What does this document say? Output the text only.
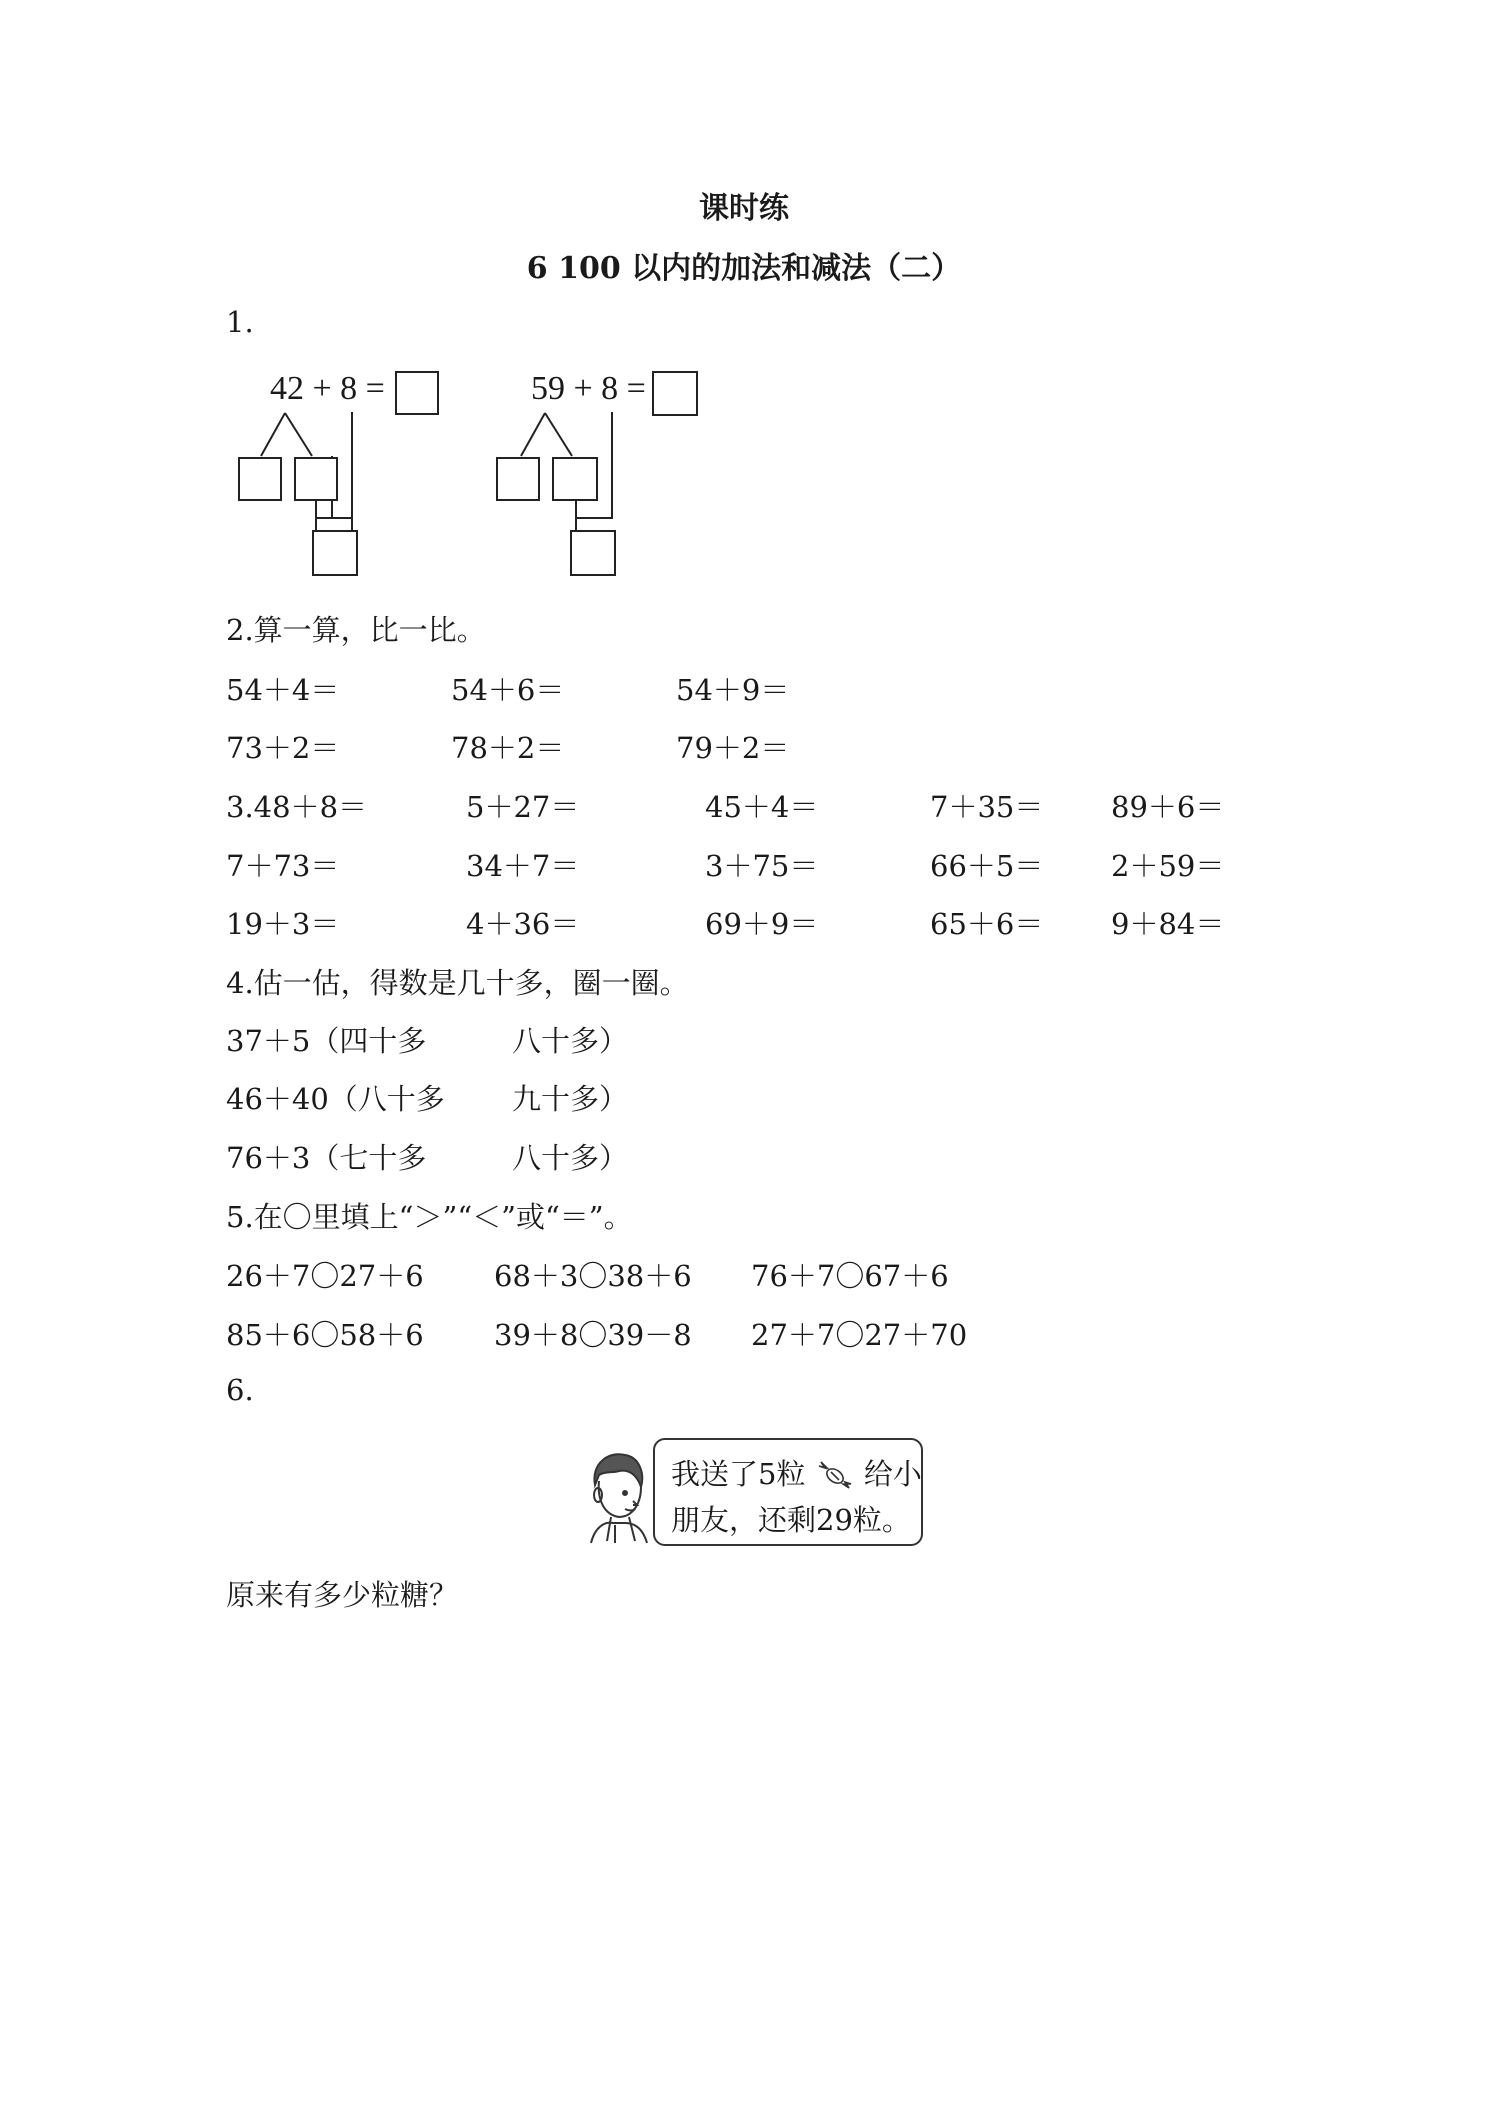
课时练
6 100 以内的加法和减法（二）
1.
42 + 8 =	59 + 8 =
2.算一算，比一比。
54＋4＝	54＋6＝	54＋9＝
73＋2＝	78＋2＝	79＋2＝
3.48＋8＝	5＋27＝	45＋4＝	7＋35＝ 89＋6＝
7＋73＝	34＋7＝	3＋75＝	66＋5＝ 2＋59＝
19＋3＝	4＋36＝	69＋9＝	65＋6＝ 9＋84＝
4.估一估，得数是几十多，圈一圈。
37＋5（四十多	八十多）
46＋40（八十多 九十多）
76＋3（七十多	八十多）
5.在〇里填上“＞”“＜”或“＝”。
26＋7〇27＋6 68＋3〇38＋6 76＋7〇67＋6
85＋6〇58＋6 39＋8〇39－8 27＋7〇27＋70
6.
我送了5粒 给小
朋友，还剩29粒。
原来有多少粒糖？
